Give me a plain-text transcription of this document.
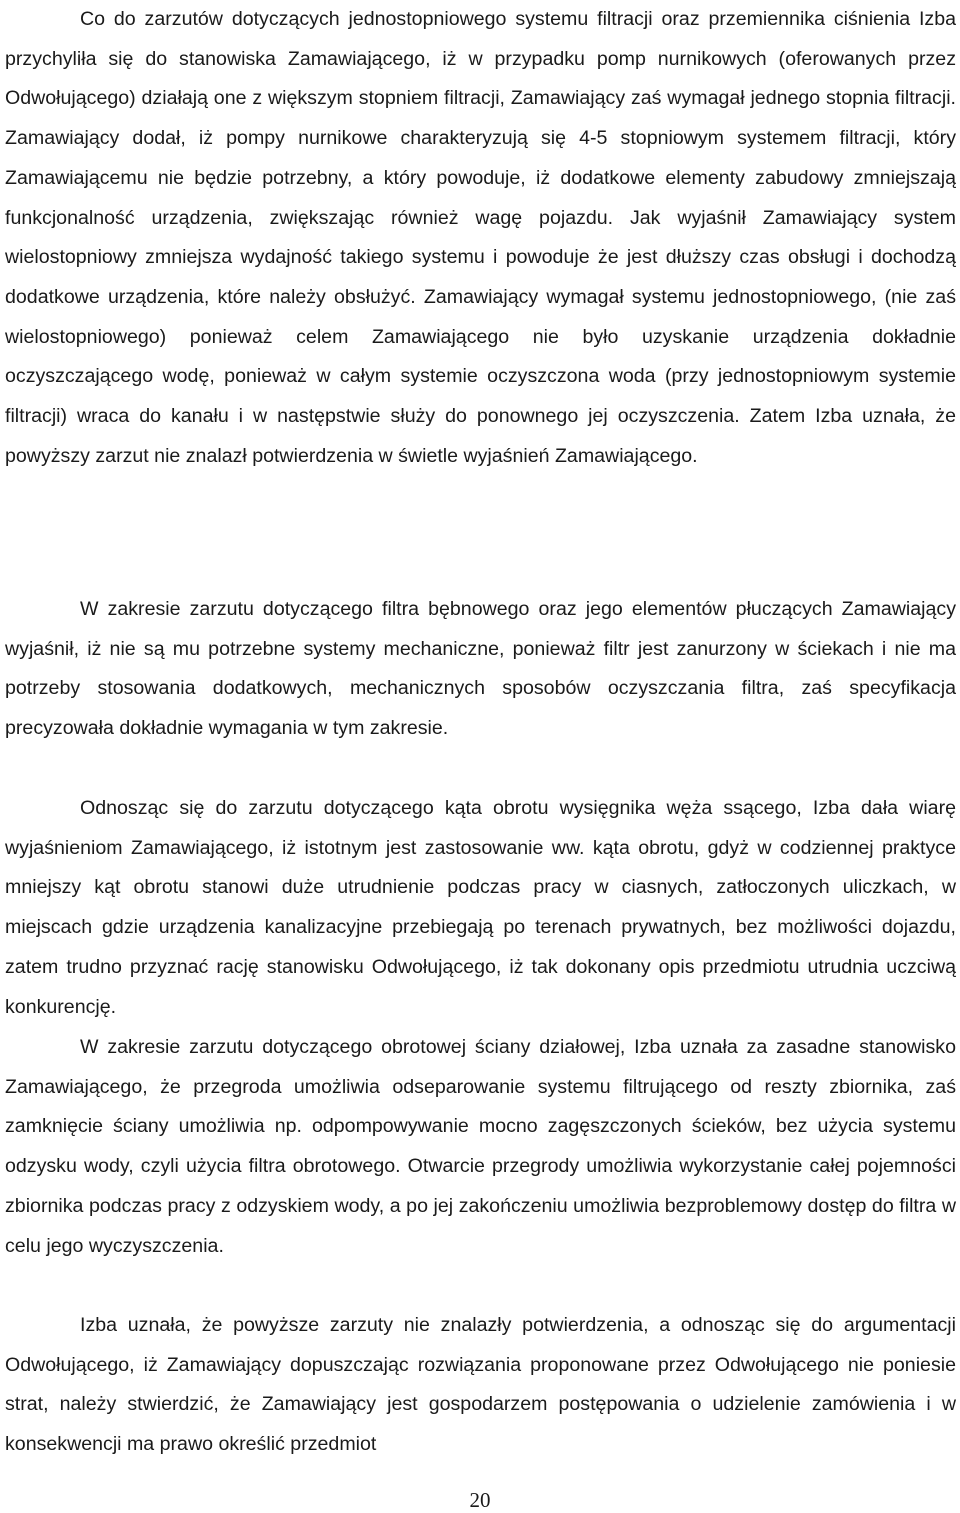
Co do zarzutów dotyczących jednostopniowego systemu filtracji oraz przemiennika ciśnienia Izba przychyliła się do stanowiska Zamawiającego, iż w przypadku pomp nurnikowych (oferowanych przez Odwołującego) działają one z większym stopniem filtracji, Zamawiający zaś wymagał jednego stopnia filtracji. Zamawiający dodał, iż pompy nurnikowe charakteryzują się 4-5 stopniowym systemem filtracji, który Zamawiającemu nie będzie potrzebny, a który powoduje, iż dodatkowe elementy zabudowy zmniejszają funkcjonalność urządzenia, zwiększając również wagę pojazdu. Jak wyjaśnił Zamawiający system wielostopniowy zmniejsza wydajność takiego systemu i powoduje że jest dłuższy czas obsługi i dochodzą dodatkowe urządzenia, które należy obsłużyć. Zamawiający wymagał systemu jednostopniowego, (nie zaś wielostopniowego) ponieważ celem Zamawiającego nie było uzyskanie urządzenia dokładnie oczyszczającego wodę, ponieważ w całym systemie oczyszczona woda (przy jednostopniowym systemie filtracji) wraca do kanału i w następstwie służy do ponownego jej oczyszczenia. Zatem Izba uznała, że powyższy zarzut nie znalazł potwierdzenia w świetle wyjaśnień Zamawiającego.

W zakresie zarzutu dotyczącego filtra bębnowego oraz jego elementów płuczących Zamawiający wyjaśnił, iż nie są mu potrzebne systemy mechaniczne, ponieważ filtr jest zanurzony w ściekach i nie ma potrzeby stosowania dodatkowych, mechanicznych sposobów oczyszczania filtra, zaś specyfikacja precyzowała dokładnie wymagania w tym zakresie.

Odnosząc się do zarzutu dotyczącego kąta obrotu wysięgnika węża ssącego, Izba dała wiarę wyjaśnieniom Zamawiającego, iż istotnym jest zastosowanie ww. kąta obrotu, gdyż w codziennej praktyce mniejszy kąt obrotu stanowi duże utrudnienie podczas pracy w ciasnych, zatłoczonych uliczkach, w miejscach gdzie urządzenia kanalizacyjne przebiegają po terenach prywatnych, bez możliwości dojazdu, zatem trudno przyznać rację stanowisku Odwołującego, iż tak dokonany opis przedmiotu utrudnia uczciwą konkurencję.

W zakresie zarzutu dotyczącego obrotowej ściany działowej, Izba uznała za zasadne stanowisko Zamawiającego, że przegroda umożliwia odseparowanie systemu filtrującego od reszty zbiornika, zaś zamknięcie ściany umożliwia np. odpompowywanie mocno zagęszczonych ścieków, bez użycia systemu odzysku wody, czyli użycia filtra obrotowego. Otwarcie przegrody umożliwia wykorzystanie całej pojemności zbiornika podczas pracy z odzyskiem wody, a po jej zakończeniu umożliwia bezproblemowy dostęp do filtra w celu jego wyczyszczenia.

Izba uznała, że powyższe zarzuty nie znalazły potwierdzenia, a odnosząc się do argumentacji Odwołującego, iż Zamawiający dopuszczając rozwiązania proponowane przez Odwołującego nie poniesie strat, należy stwierdzić, że Zamawiający jest gospodarzem postępowania o udzielenie zamówienia i w konsekwencji ma prawo określić przedmiot

20
